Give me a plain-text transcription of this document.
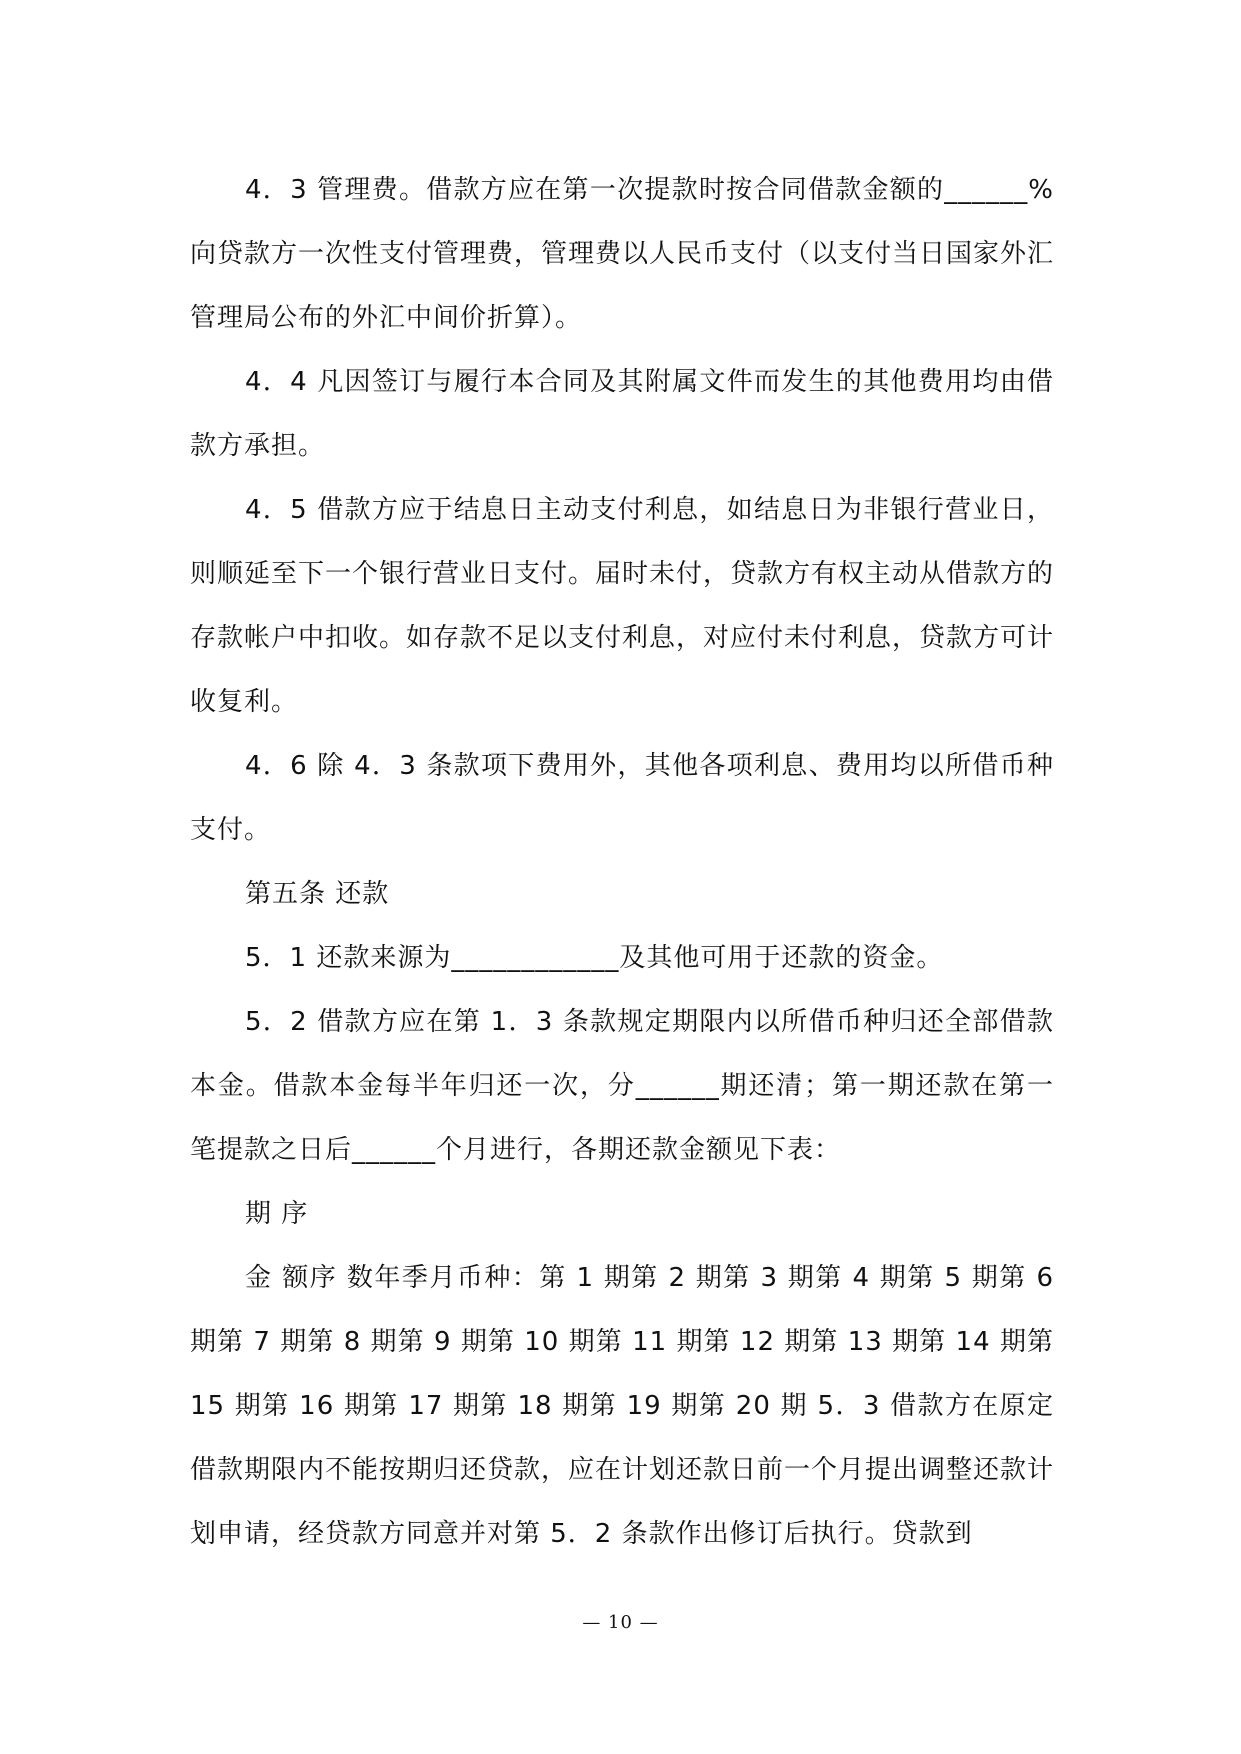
4．3 管理费。借款方应在第一次提款时按合同借款金额的______%向贷款方一次性支付管理费，管理费以人民币支付（以支付当日国家外汇管理局公布的外汇中间价折算）。

4．4 凡因签订与履行本合同及其附属文件而发生的其他费用均由借款方承担。

4．5 借款方应于结息日主动支付利息，如结息日为非银行营业日，则顺延至下一个银行营业日支付。届时未付，贷款方有权主动从借款方的存款帐户中扣收。如存款不足以支付利息，对应付未付利息，贷款方可计收复利。

4．6 除 4．3 条款项下费用外，其他各项利息、费用均以所借币种支付。

第五条 还款

5．1 还款来源为____________及其他可用于还款的资金。

5．2 借款方应在第 1．3 条款规定期限内以所借币种归还全部借款本金。借款本金每半年归还一次，分______期还清；第一期还款在第一笔提款之日后______个月进行，各期还款金额见下表：

期 序

金 额序 数年季月币种：第 1 期第 2 期第 3 期第 4 期第 5 期第 6 期第 7 期第 8 期第 9 期第 10 期第 11 期第 12 期第 13 期第 14 期第 15 期第 16 期第 17 期第 18 期第 19 期第 20 期 5．3 借款方在原定借款期限内不能按期归还贷款，应在计划还款日前一个月提出调整还款计划申请，经贷款方同意并对第 5．2 条款作出修订后执行。贷款到

— 10 —
